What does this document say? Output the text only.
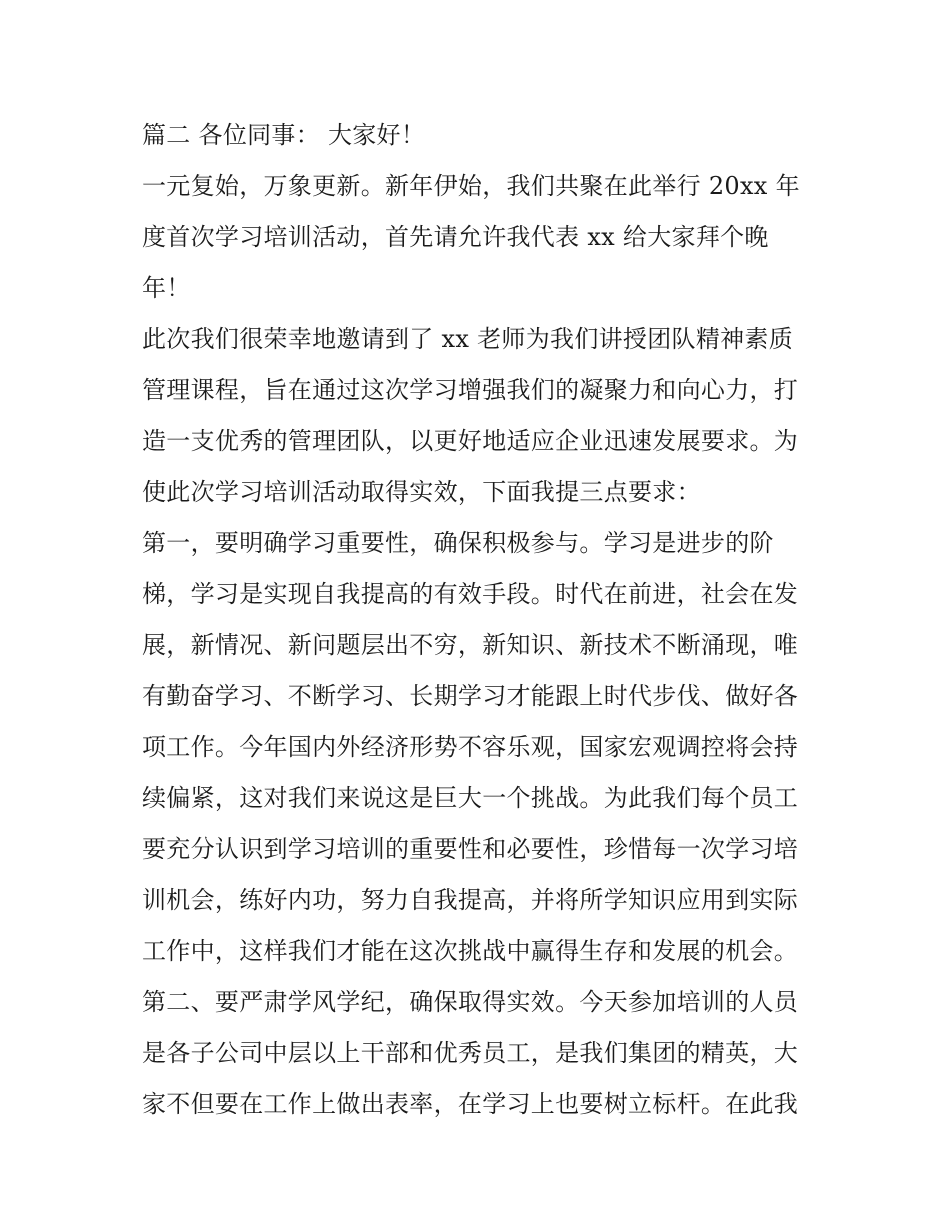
篇二 各位同事： 大家好！
一元复始，万象更新。新年伊始，我们共聚在此举行 20xx 年
度首次学习培训活动，首先请允许我代表 xx 给大家拜个晚
年！
此次我们很荣幸地邀请到了 xx 老师为我们讲授团队精神素质
管理课程，旨在通过这次学习增强我们的凝聚力和向心力，打
造一支优秀的管理团队，以更好地适应企业迅速发展要求。为
使此次学习培训活动取得实效，下面我提三点要求：
第一，要明确学习重要性，确保积极参与。学习是进步的阶
梯，学习是实现自我提高的有效手段。时代在前进，社会在发
展，新情况、新问题层出不穷，新知识、新技术不断涌现，唯
有勤奋学习、不断学习、长期学习才能跟上时代步伐、做好各
项工作。今年国内外经济形势不容乐观，国家宏观调控将会持
续偏紧，这对我们来说这是巨大一个挑战。为此我们每个员工
要充分认识到学习培训的重要性和必要性，珍惜每一次学习培
训机会，练好内功，努力自我提高，并将所学知识应用到实际
工作中，这样我们才能在这次挑战中赢得生存和发展的机会。
第二、要严肃学风学纪，确保取得实效。今天参加培训的人员
是各子公司中层以上干部和优秀员工，是我们集团的精英，大
家不但要在工作上做出表率，在学习上也要树立标杆。在此我
